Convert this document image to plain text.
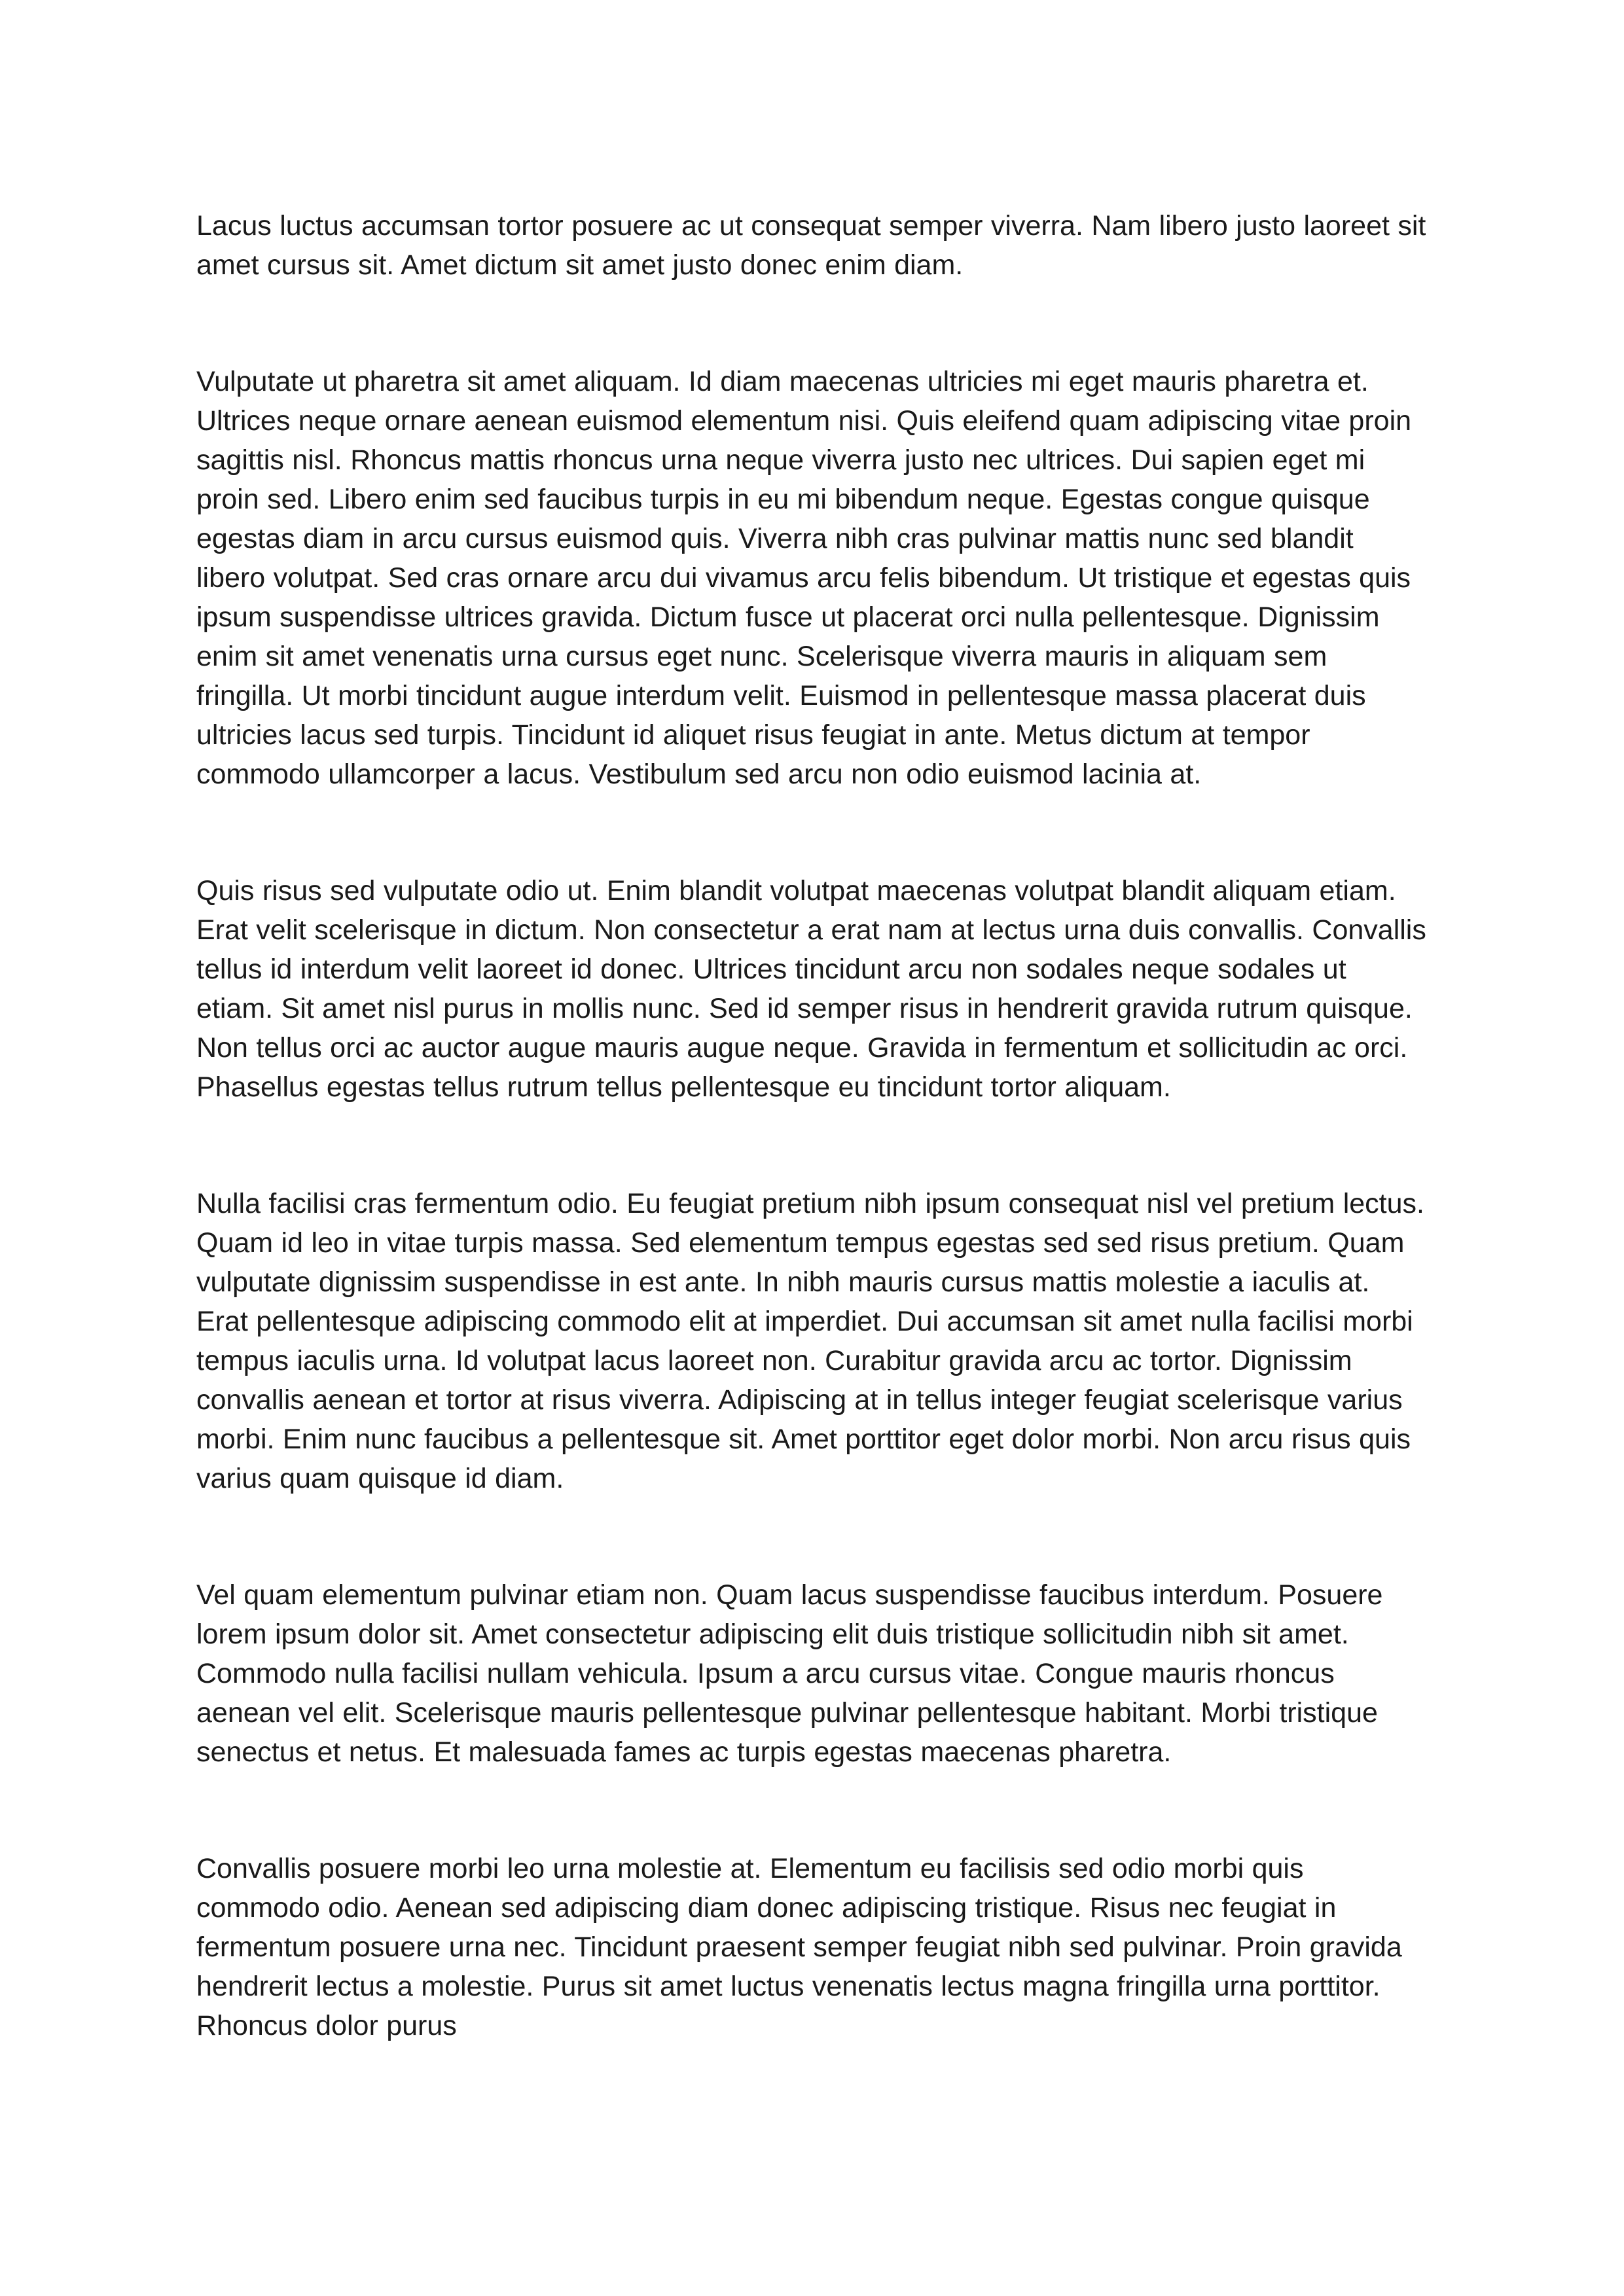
Lacus luctus accumsan tortor posuere ac ut consequat semper viverra. Nam libero justo laoreet sit amet cursus sit. Amet dictum sit amet justo donec enim diam.

Vulputate ut pharetra sit amet aliquam. Id diam maecenas ultricies mi eget mauris pharetra et. Ultrices neque ornare aenean euismod elementum nisi. Quis eleifend quam adipiscing vitae proin sagittis nisl. Rhoncus mattis rhoncus urna neque viverra justo nec ultrices. Dui sapien eget mi proin sed. Libero enim sed faucibus turpis in eu mi bibendum neque. Egestas congue quisque egestas diam in arcu cursus euismod quis. Viverra nibh cras pulvinar mattis nunc sed blandit libero volutpat. Sed cras ornare arcu dui vivamus arcu felis bibendum. Ut tristique et egestas quis ipsum suspendisse ultrices gravida. Dictum fusce ut placerat orci nulla pellentesque. Dignissim enim sit amet venenatis urna cursus eget nunc. Scelerisque viverra mauris in aliquam sem fringilla. Ut morbi tincidunt augue interdum velit. Euismod in pellentesque massa placerat duis ultricies lacus sed turpis. Tincidunt id aliquet risus feugiat in ante. Metus dictum at tempor commodo ullamcorper a lacus. Vestibulum sed arcu non odio euismod lacinia at.

Quis risus sed vulputate odio ut. Enim blandit volutpat maecenas volutpat blandit aliquam etiam. Erat velit scelerisque in dictum. Non consectetur a erat nam at lectus urna duis convallis. Convallis tellus id interdum velit laoreet id donec. Ultrices tincidunt arcu non sodales neque sodales ut etiam. Sit amet nisl purus in mollis nunc. Sed id semper risus in hendrerit gravida rutrum quisque. Non tellus orci ac auctor augue mauris augue neque. Gravida in fermentum et sollicitudin ac orci. Phasellus egestas tellus rutrum tellus pellentesque eu tincidunt tortor aliquam.

Nulla facilisi cras fermentum odio. Eu feugiat pretium nibh ipsum consequat nisl vel pretium lectus. Quam id leo in vitae turpis massa. Sed elementum tempus egestas sed sed risus pretium. Quam vulputate dignissim suspendisse in est ante. In nibh mauris cursus mattis molestie a iaculis at. Erat pellentesque adipiscing commodo elit at imperdiet. Dui accumsan sit amet nulla facilisi morbi tempus iaculis urna. Id volutpat lacus laoreet non. Curabitur gravida arcu ac tortor. Dignissim convallis aenean et tortor at risus viverra. Adipiscing at in tellus integer feugiat scelerisque varius morbi. Enim nunc faucibus a pellentesque sit. Amet porttitor eget dolor morbi. Non arcu risus quis varius quam quisque id diam.

Vel quam elementum pulvinar etiam non. Quam lacus suspendisse faucibus interdum. Posuere lorem ipsum dolor sit. Amet consectetur adipiscing elit duis tristique sollicitudin nibh sit amet. Commodo nulla facilisi nullam vehicula. Ipsum a arcu cursus vitae. Congue mauris rhoncus aenean vel elit. Scelerisque mauris pellentesque pulvinar pellentesque habitant. Morbi tristique senectus et netus. Et malesuada fames ac turpis egestas maecenas pharetra.

Convallis posuere morbi leo urna molestie at. Elementum eu facilisis sed odio morbi quis commodo odio. Aenean sed adipiscing diam donec adipiscing tristique. Risus nec feugiat in fermentum posuere urna nec. Tincidunt praesent semper feugiat nibh sed pulvinar. Proin gravida hendrerit lectus a molestie. Purus sit amet luctus venenatis lectus magna fringilla urna porttitor. Rhoncus dolor purus
